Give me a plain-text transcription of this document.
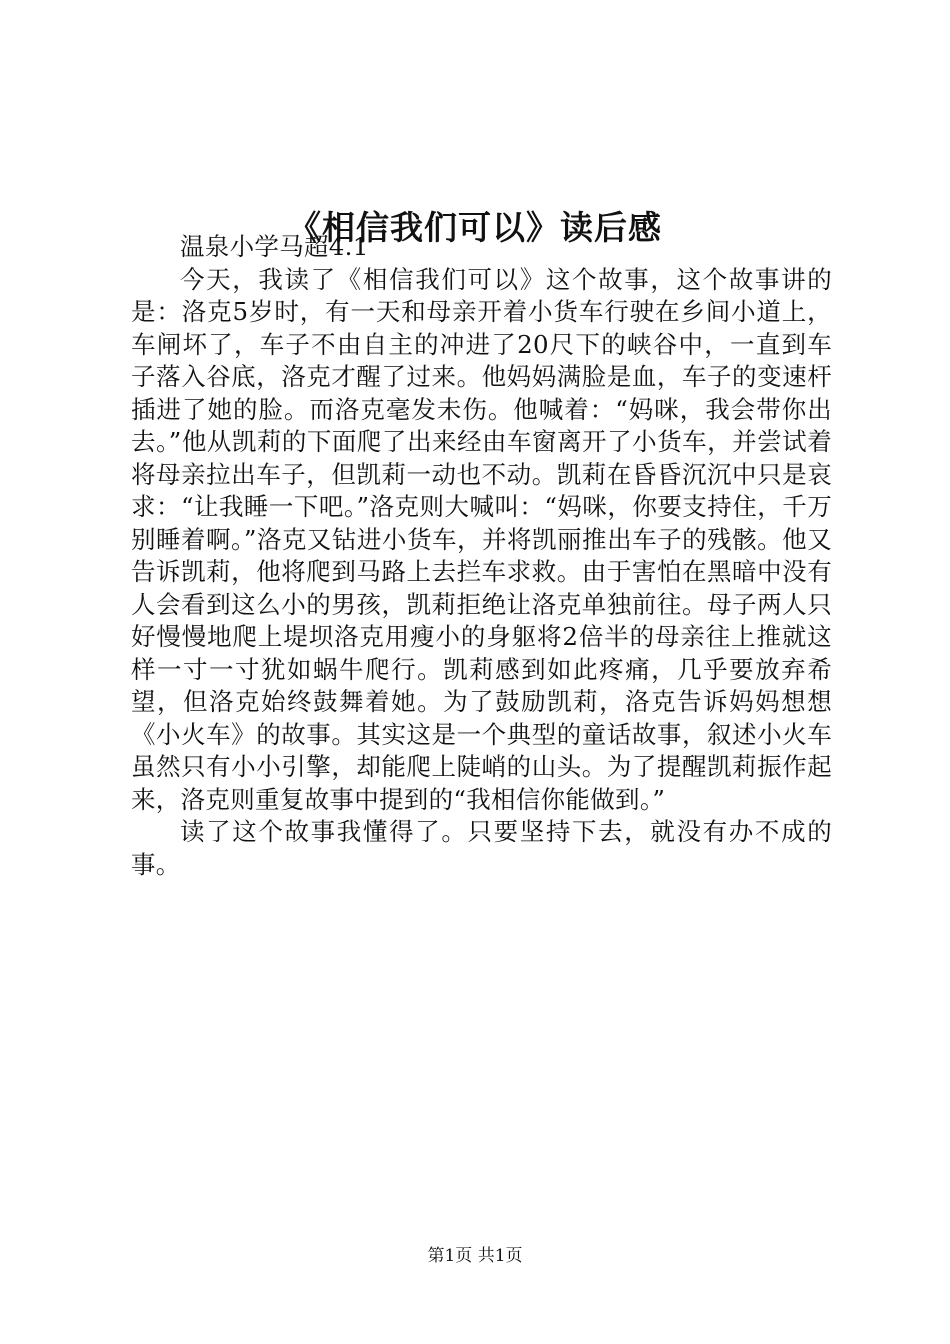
《相信我们可以》读后感
温泉小学马超4.1

今天，我读了《相信我们可以》这个故事，这个故事讲的是：洛克5岁时，有一天和母亲开着小货车行驶在乡间小道上，车闸坏了，车子不由自主的冲进了20尺下的峡谷中，一直到车子落入谷底，洛克才醒了过来。他妈妈满脸是血，车子的变速杆插进了她的脸。而洛克毫发未伤。他喊着：“妈咪，我会带你出去。”他从凯莉的下面爬了出来经由车窗离开了小货车，并尝试着将母亲拉出车子，但凯莉一动也不动。凯莉在昏昏沉沉中只是哀求：“让我睡一下吧。”洛克则大喊叫：“妈咪，你要支持住，千万别睡着啊。”洛克又钻进小货车，并将凯丽推出车子的残骸。他又告诉凯莉，他将爬到马路上去拦车求救。由于害怕在黑暗中没有人会看到这么小的男孩，凯莉拒绝让洛克单独前往。母子两人只好慢慢地爬上堤坝洛克用瘦小的身躯将2倍半的母亲往上推就这样一寸一寸犹如蜗牛爬行。凯莉感到如此疼痛，几乎要放弃希望，但洛克始终鼓舞着她。为了鼓励凯莉，洛克告诉妈妈想想《小火车》的故事。其实这是一个典型的童话故事，叙述小火车虽然只有小小引擎，却能爬上陡峭的山头。为了提醒凯莉振作起来，洛克则重复故事中提到的“我相信你能做到。”

读了这个故事我懂得了。只要坚持下去，就没有办不成的事。

第1页 共1页
